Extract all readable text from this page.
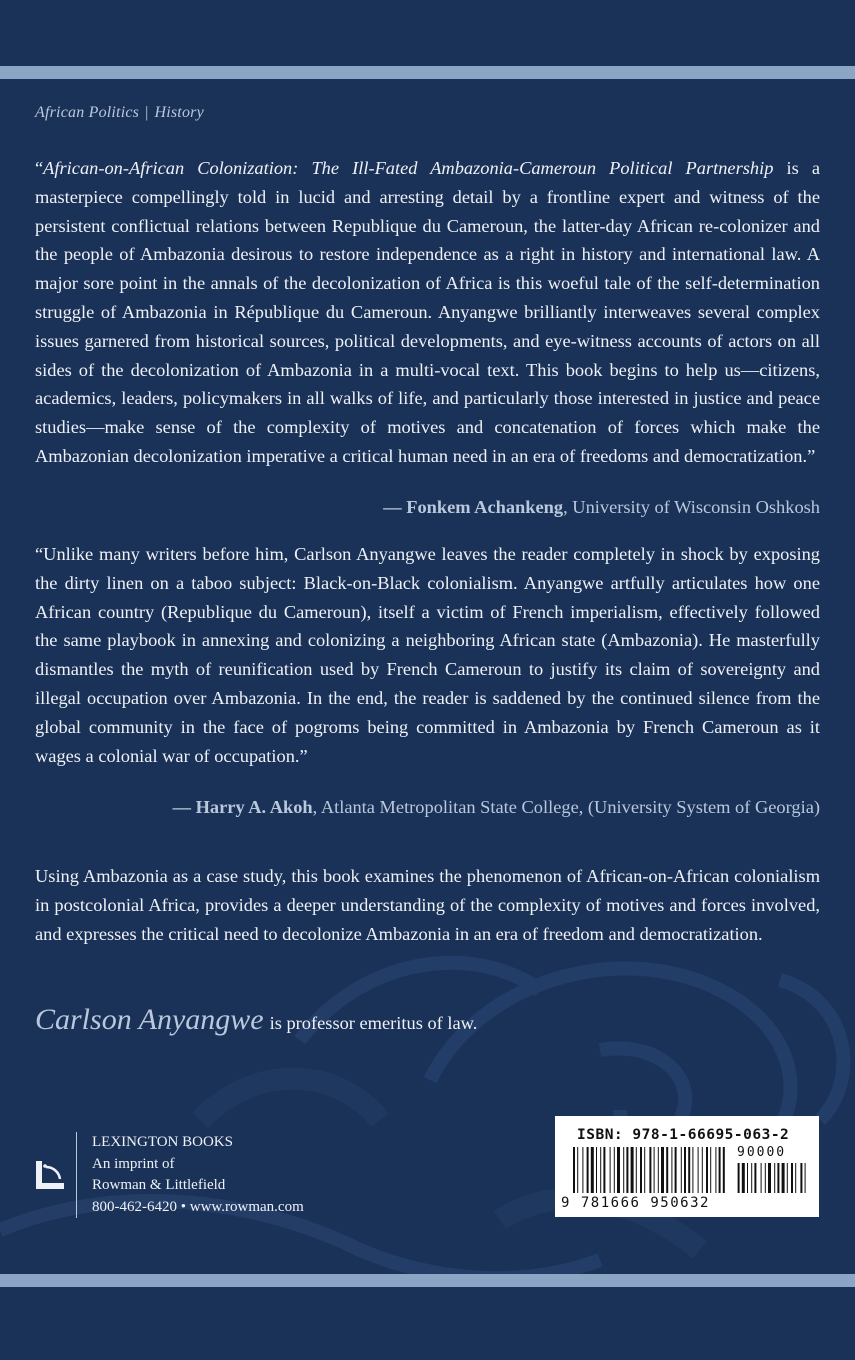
African Politics | History
“African-on-African Colonization: The Ill-Fated Ambazonia-Cameroun Political Partnership is a masterpiece compellingly told in lucid and arresting detail by a frontline expert and witness of the persistent conflictual relations between Republique du Cameroun, the latter-day African re-colonizer and the people of Ambazonia desirous to restore independence as a right in history and international law. A major sore point in the annals of the decolonization of Africa is this woeful tale of the self-determination struggle of Ambazonia in République du Cameroun. Anyangwe brilliantly interweaves several complex issues garnered from historical sources, political developments, and eye-witness accounts of actors on all sides of the decolonization of Ambazonia in a multi-vocal text. This book begins to help us—citizens, academics, leaders, policymakers in all walks of life, and particularly those interested in justice and peace studies—make sense of the complexity of motives and concatenation of forces which make the Ambazonian decolonization imperative a critical human need in an era of freedoms and democratization.”
— Fonkem Achankeng, University of Wisconsin Oshkosh
“Unlike many writers before him, Carlson Anyangwe leaves the reader completely in shock by exposing the dirty linen on a taboo subject: Black-on-Black colonialism. Anyangwe artfully articulates how one African country (Republique du Cameroun), itself a victim of French imperialism, effectively followed the same playbook in annexing and colonizing a neighboring African state (Ambazonia). He masterfully dismantles the myth of reunification used by French Cameroun to justify its claim of sovereignty and illegal occupation over Ambazonia. In the end, the reader is saddened by the continued silence from the global community in the face of pogroms being committed in Ambazonia by French Cameroun as it wages a colonial war of occupation.”
— Harry A. Akoh, Atlanta Metropolitan State College, (University System of Georgia)
Using Ambazonia as a case study, this book examines the phenomenon of African-on-African colonialism in postcolonial Africa, provides a deeper understanding of the complexity of motives and forces involved, and expresses the critical need to decolonize Ambazonia in an era of freedom and democratization.
Carlson Anyangwe is professor emeritus of law.
LEXINGTON BOOKS
An imprint of
Rowman & Littlefield
800-462-6420 • www.rowman.com
ISBN: 978-1-66695-063-2
90000
9 781666 950632
